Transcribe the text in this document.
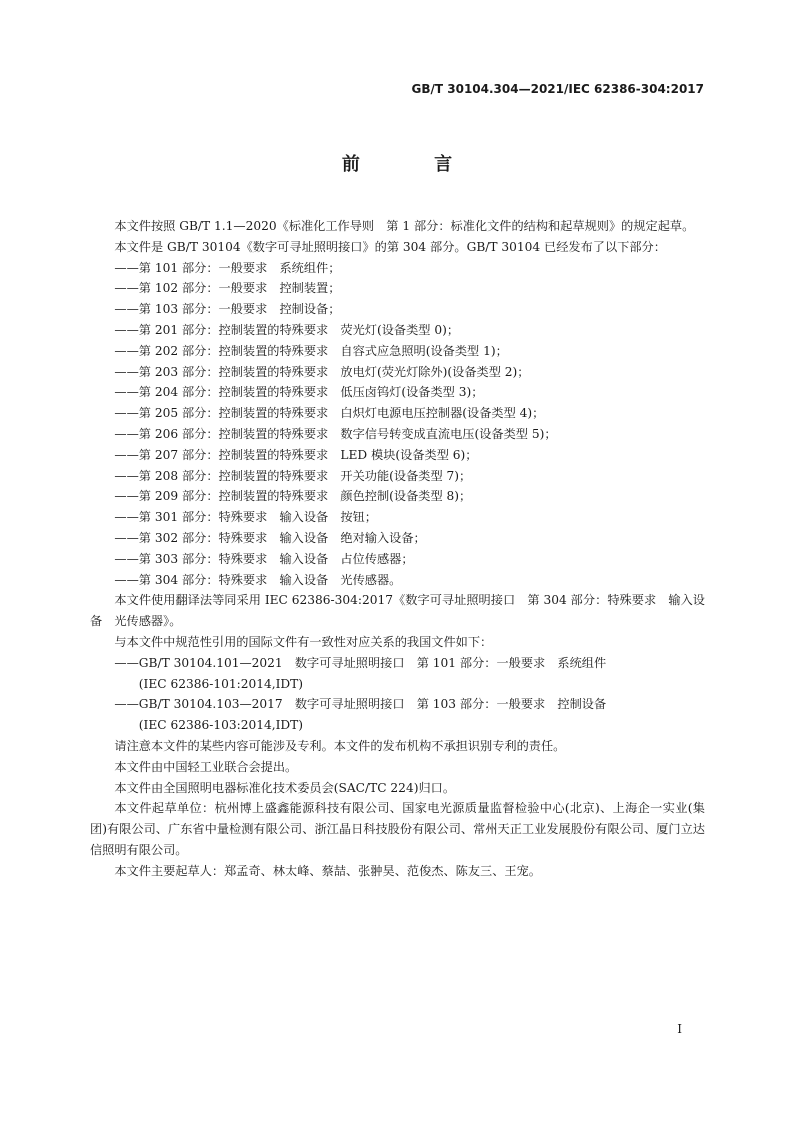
GB/T 30104.304—2021/IEC 62386-304:2017
前 言
本文件按照 GB/T 1.1—2020《标准化工作导则　第 1 部分：标准化文件的结构和起草规则》的规定起草。
本文件是 GB/T 30104《数字可寻址照明接口》的第 304 部分。GB/T 30104 已经发布了以下部分：
——第 101 部分：一般要求　系统组件；
——第 102 部分：一般要求　控制装置；
——第 103 部分：一般要求　控制设备；
——第 201 部分：控制装置的特殊要求　荧光灯(设备类型 0)；
——第 202 部分：控制装置的特殊要求　自容式应急照明(设备类型 1)；
——第 203 部分：控制装置的特殊要求　放电灯(荧光灯除外)(设备类型 2)；
——第 204 部分：控制装置的特殊要求　低压卤钨灯(设备类型 3)；
——第 205 部分：控制装置的特殊要求　白炽灯电源电压控制器(设备类型 4)；
——第 206 部分：控制装置的特殊要求　数字信号转变成直流电压(设备类型 5)；
——第 207 部分：控制装置的特殊要求　LED 模块(设备类型 6)；
——第 208 部分：控制装置的特殊要求　开关功能(设备类型 7)；
——第 209 部分：控制装置的特殊要求　颜色控制(设备类型 8)；
——第 301 部分：特殊要求　输入设备　按钮；
——第 302 部分：特殊要求　输入设备　绝对输入设备；
——第 303 部分：特殊要求　输入设备　占位传感器；
——第 304 部分：特殊要求　输入设备　光传感器。
本文件使用翻译法等同采用 IEC 62386-304:2017《数字可寻址照明接口　第 304 部分：特殊要求　输入设备　光传感器》。
与本文件中规范性引用的国际文件有一致性对应关系的我国文件如下：
——GB/T 30104.101—2021　数字可寻址照明接口　第 101 部分：一般要求　系统组件
(IEC 62386-101:2014,IDT)
——GB/T 30104.103—2017　数字可寻址照明接口　第 103 部分：一般要求　控制设备
(IEC 62386-103:2014,IDT)
请注意本文件的某些内容可能涉及专利。本文件的发布机构不承担识别专利的责任。
本文件由中国轻工业联合会提出。
本文件由全国照明电器标准化技术委员会(SAC/TC 224)归口。
本文件起草单位：杭州博上盛鑫能源科技有限公司、国家电光源质量监督检验中心(北京)、上海企一实业(集团)有限公司、广东省中量检测有限公司、浙江晶日科技股份有限公司、常州天正工业发展股份有限公司、厦门立达信照明有限公司。
本文件主要起草人：郑孟奇、林太峰、蔡喆、张翀昊、范俊杰、陈友三、王宠。
I
